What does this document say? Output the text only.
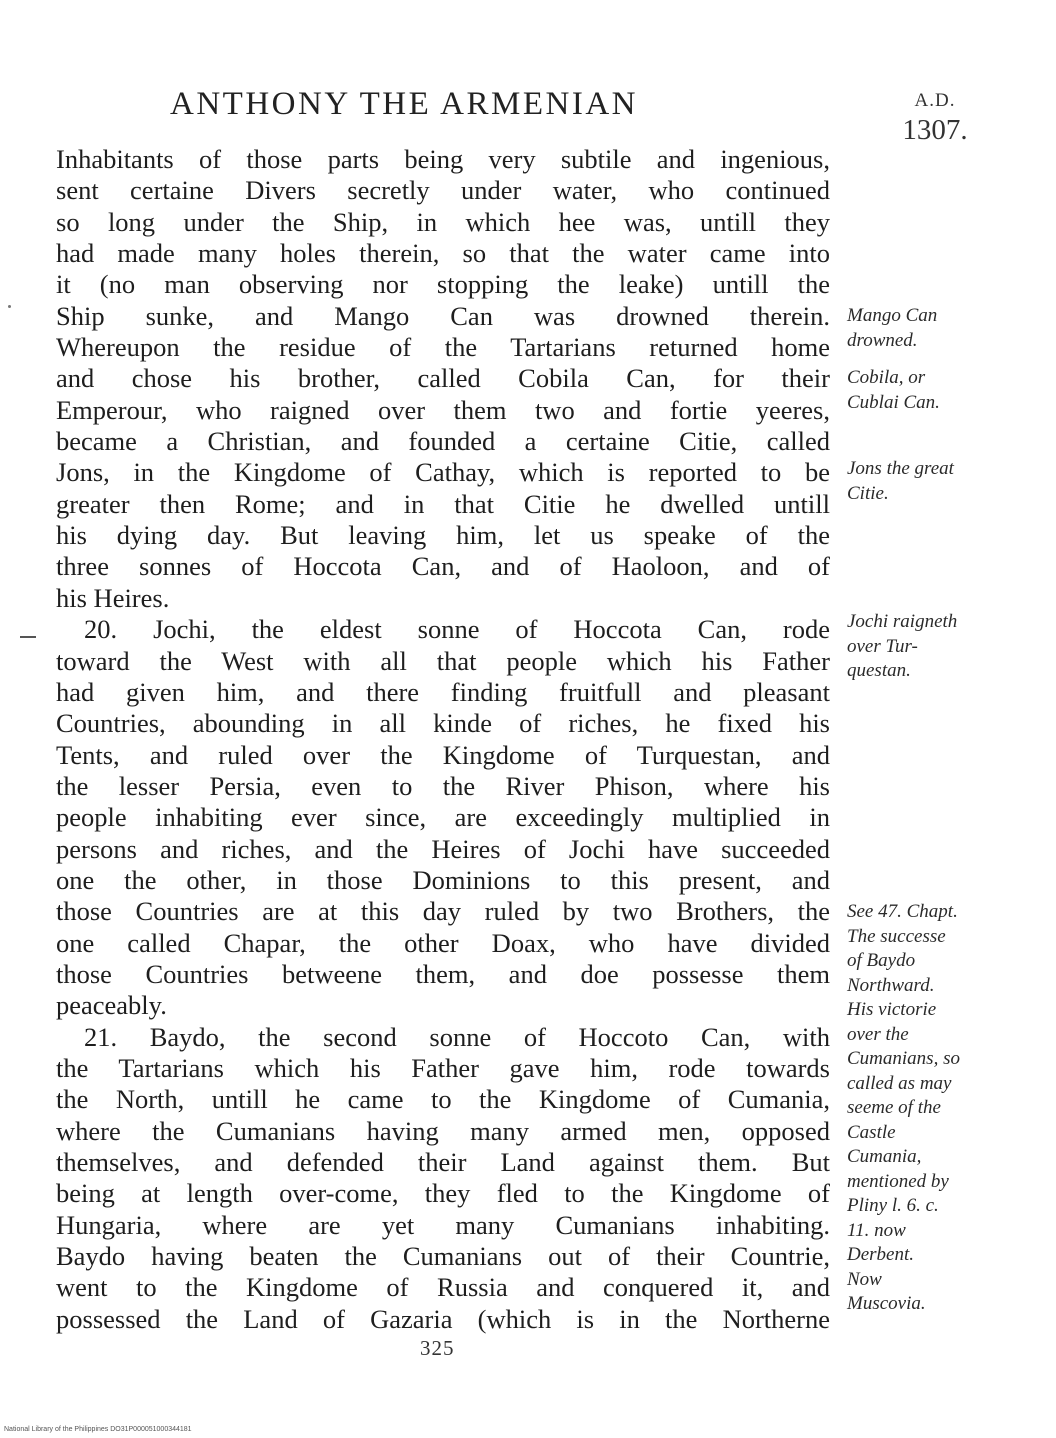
ANTHONY THE ARMENIAN	A.D.
1307.
Inhabitants of those parts being very subtile and ingenious,
sent certaine Divers secretly under water, who continued
so long under the Ship, in which hee was, untill they
had made many holes therein, so that the water came into
it (no man observing nor stopping the leake) untill the
Ship sunke, and Mango Can was drowned therein.
Whereupon the residue of the Tartarians returned home
and chose his brother, called Cobila Can, for their
Emperour, who raigned over them two and fortie yeeres,
became a Christian, and founded a certaine Citie, called
Jons, in the Kingdome of Cathay, which is reported to be
greater then Rome; and in that Citie he dwelled untill
his dying day. But leaving him, let us speake of the
three sonnes of Hoccota Can, and of Haoloon, and of
his Heires.
20. Jochi, the eldest sonne of Hoccota Can, rode
toward the West with all that people which his Father
had given him, and there finding fruitfull and pleasant
Countries, abounding in all kinde of riches, he fixed his
Tents, and ruled over the Kingdome of Turquestan, and
the lesser Persia, even to the River Phison, where his
people inhabiting ever since, are exceedingly multiplied in
persons and riches, and the Heires of Jochi have succeeded
one the other, in those Dominions to this present, and
those Countries are at this day ruled by two Brothers, the
one called Chapar, the other Doax, who have divided
those Countries betweene them, and doe possesse them
peaceably.
21. Baydo, the second sonne of Hoccoto Can, with
the Tartarians which his Father gave him, rode towards
the North, untill he came to the Kingdome of Cumania,
where the Cumanians having many armed men, opposed
themselves, and defended their Land against them. But
being at length over-come, they fled to the Kingdome of
Hungaria, where are yet many Cumanians inhabiting.
Baydo having beaten the Cumanians out of their Countrie,
went to the Kingdome of Russia and conquered it, and
possessed the Land of Gazaria (which is in the Northerne
Mango Can
drowned.
Cobila, or
Cublai Can.
Jons the great
Citie.
Jochi raigneth
over Tur-
questan.
See 47. Chapt.
The successe
of Baydo
Northward.
His victorie
over the
Cumanians, so
called as may
seeme of the
Castle
Cumania,
mentioned by
Pliny l. 6. c.
11. now
Derbent.
Now
Muscovia.
325
National Library of the Philippines DO31P000051000344181
